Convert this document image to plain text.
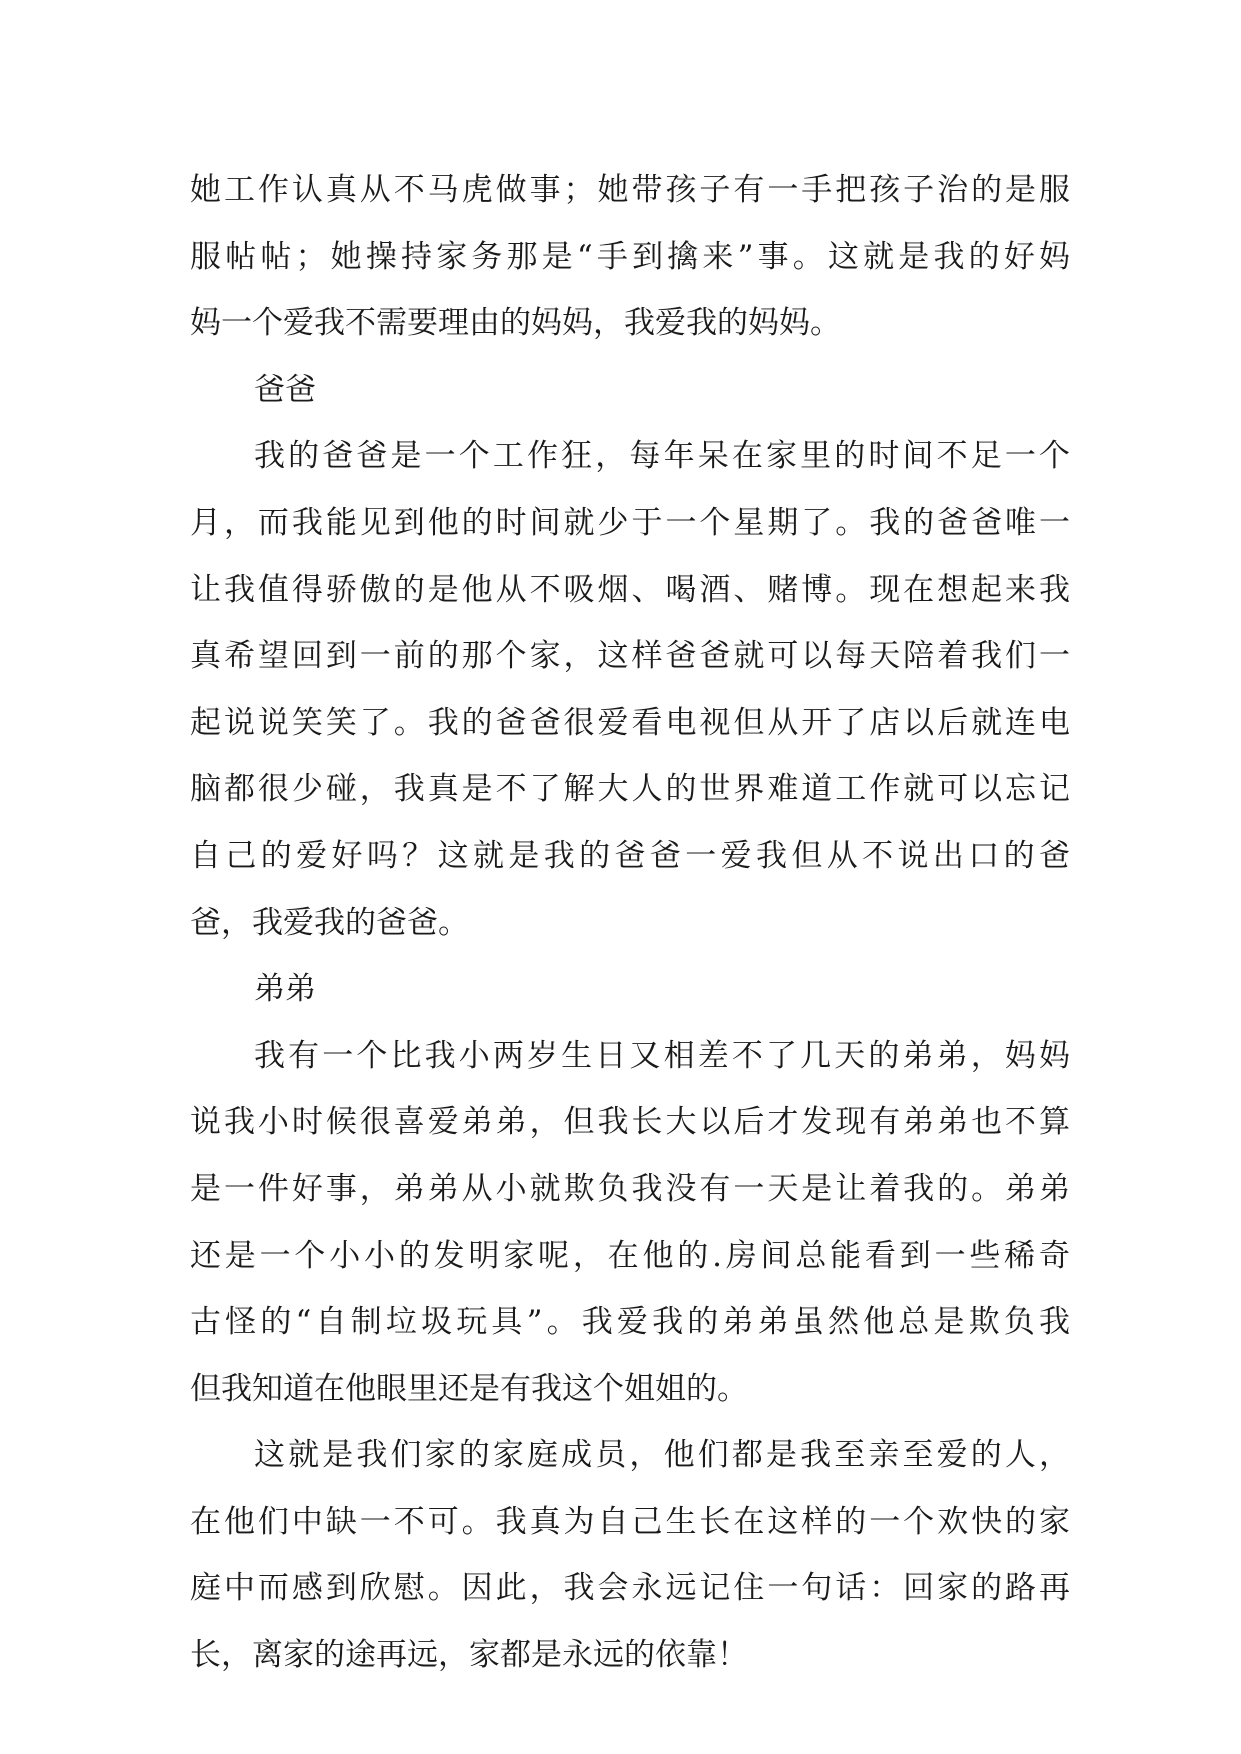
她工作认真从不马虎做事；她带孩子有一手把孩子治的是服
服帖帖；她操持家务那是“手到擒来”事。这就是我的好妈
妈一个爱我不需要理由的妈妈，我爱我的妈妈。
爸爸
我的爸爸是一个工作狂，每年呆在家里的时间不足一个
月，而我能见到他的时间就少于一个星期了。我的爸爸唯一
让我值得骄傲的是他从不吸烟、喝酒、赌博。现在想起来我
真希望回到一前的那个家，这样爸爸就可以每天陪着我们一
起说说笑笑了。我的爸爸很爱看电视但从开了店以后就连电
脑都很少碰，我真是不了解大人的世界难道工作就可以忘记
自己的爱好吗？这就是我的爸爸一爱我但从不说出口的爸
爸，我爱我的爸爸。
弟弟
我有一个比我小两岁生日又相差不了几天的弟弟，妈妈
说我小时候很喜爱弟弟，但我长大以后才发现有弟弟也不算
是一件好事，弟弟从小就欺负我没有一天是让着我的。弟弟
还是一个小小的发明家呢，在他的.房间总能看到一些稀奇
古怪的“自制垃圾玩具”。我爱我的弟弟虽然他总是欺负我
但我知道在他眼里还是有我这个姐姐的。
这就是我们家的家庭成员，他们都是我至亲至爱的人，
在他们中缺一不可。我真为自己生长在这样的一个欢快的家
庭中而感到欣慰。因此，我会永远记住一句话：回家的路再
长，离家的途再远，家都是永远的依靠！
